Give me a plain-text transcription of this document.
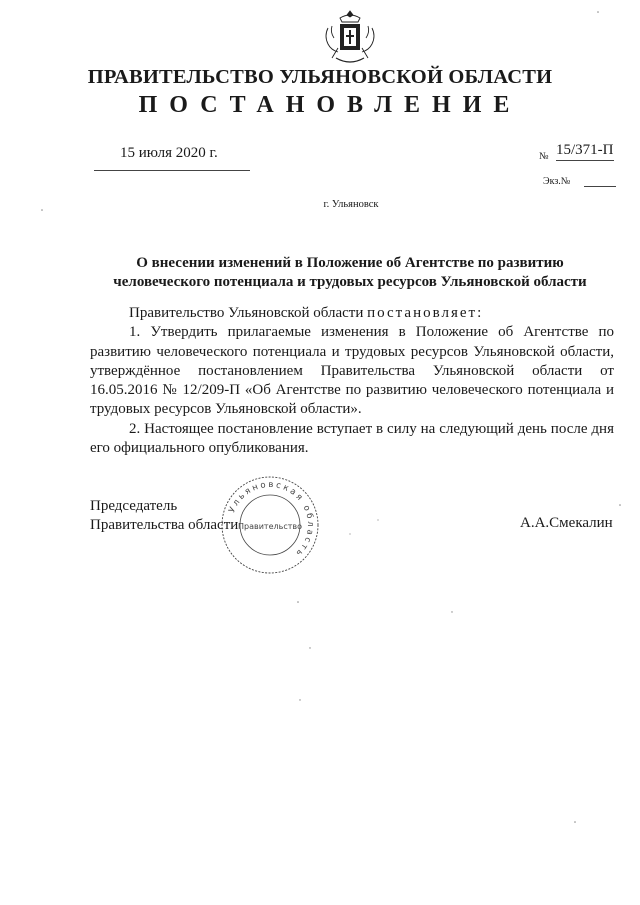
ПРАВИТЕЛЬСТВО УЛЬЯНОВСКОЙ ОБЛАСТИ
ПОСТАНОВЛЕНИЕ
15 июля 2020 г.	№ 15/371-П
Экз.№
г. Ульяновск
О внесении изменений в Положение об Агентстве по развитию
человеческого потенциала и трудовых ресурсов Ульяновской области

Правительство Ульяновской области постановляет:

1. Утвердить прилагаемые изменения в Положение об Агентстве по развитию человеческого потенциала и трудовых ресурсов Ульяновской области, утверждённое постановлением Правительства Ульяновской области от 16.05.2016 № 12/209-П «Об Агентстве по развитию человеческого потенциала и трудовых ресурсов Ульяновской области».

2. Настоящее постановление вступает в силу на следующий день после дня его официального опубликования.

Председатель
Правительства области	А.А.Смекалин
Ульяновская область
Правительство
